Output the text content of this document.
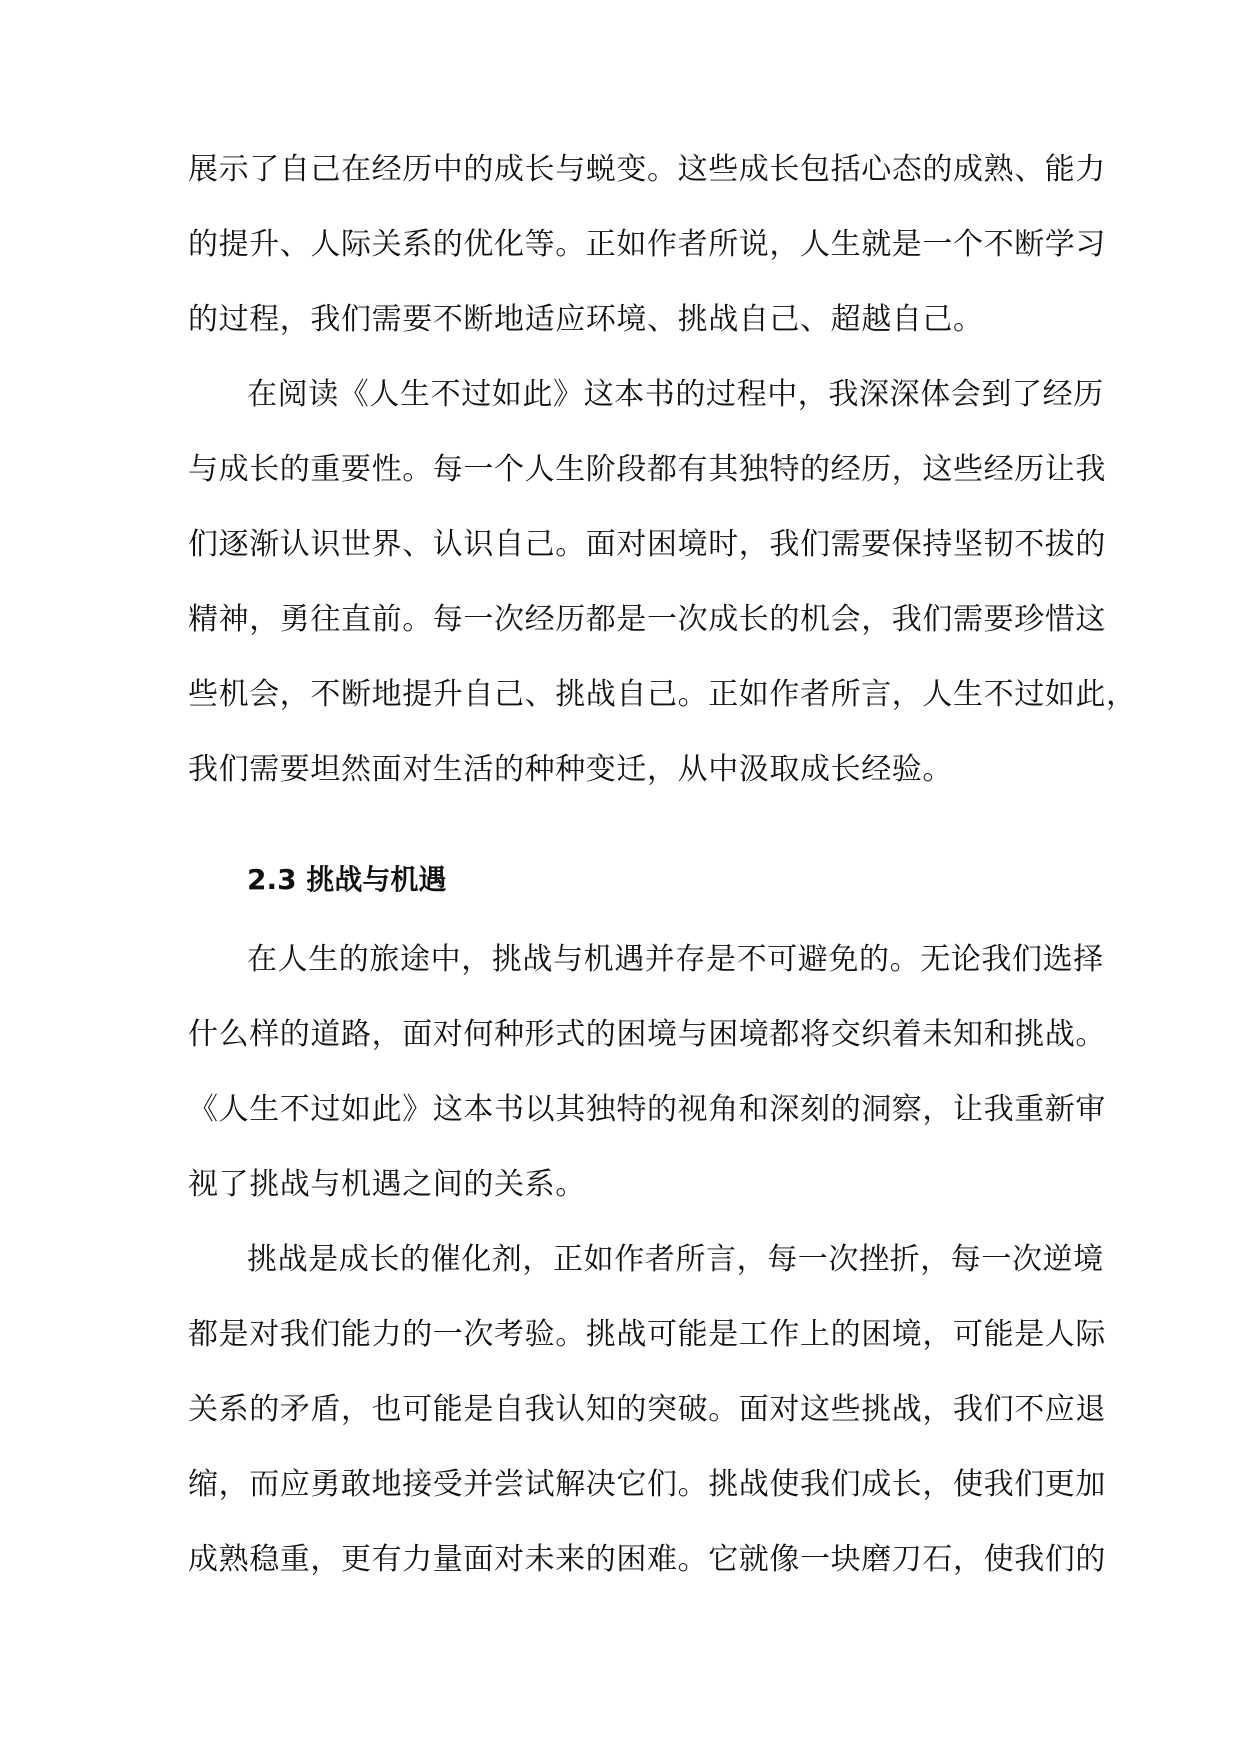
展示了自己在经历中的成长与蜕变。这些成长包括心态的成熟、能力
的提升、人际关系的优化等。正如作者所说，人生就是一个不断学习
的过程，我们需要不断地适应环境、挑战自己、超越自己。
在阅读《人生不过如此》这本书的过程中，我深深体会到了经历
与成长的重要性。每一个人生阶段都有其独特的经历，这些经历让我
们逐渐认识世界、认识自己。面对困境时，我们需要保持坚韧不拔的
精神，勇往直前。每一次经历都是一次成长的机会，我们需要珍惜这
些机会，不断地提升自己、挑战自己。正如作者所言，人生不过如此，
我们需要坦然面对生活的种种变迁，从中汲取成长经验。
2.3 挑战与机遇
在人生的旅途中，挑战与机遇并存是不可避免的。无论我们选择
什么样的道路，面对何种形式的困境与困境都将交织着未知和挑战。
《人生不过如此》这本书以其独特的视角和深刻的洞察，让我重新审
视了挑战与机遇之间的关系。
挑战是成长的催化剂，正如作者所言，每一次挫折，每一次逆境
都是对我们能力的一次考验。挑战可能是工作上的困境，可能是人际
关系的矛盾，也可能是自我认知的突破。面对这些挑战，我们不应退
缩，而应勇敢地接受并尝试解决它们。挑战使我们成长，使我们更加
成熟稳重，更有力量面对未来的困难。它就像一块磨刀石，使我们的
